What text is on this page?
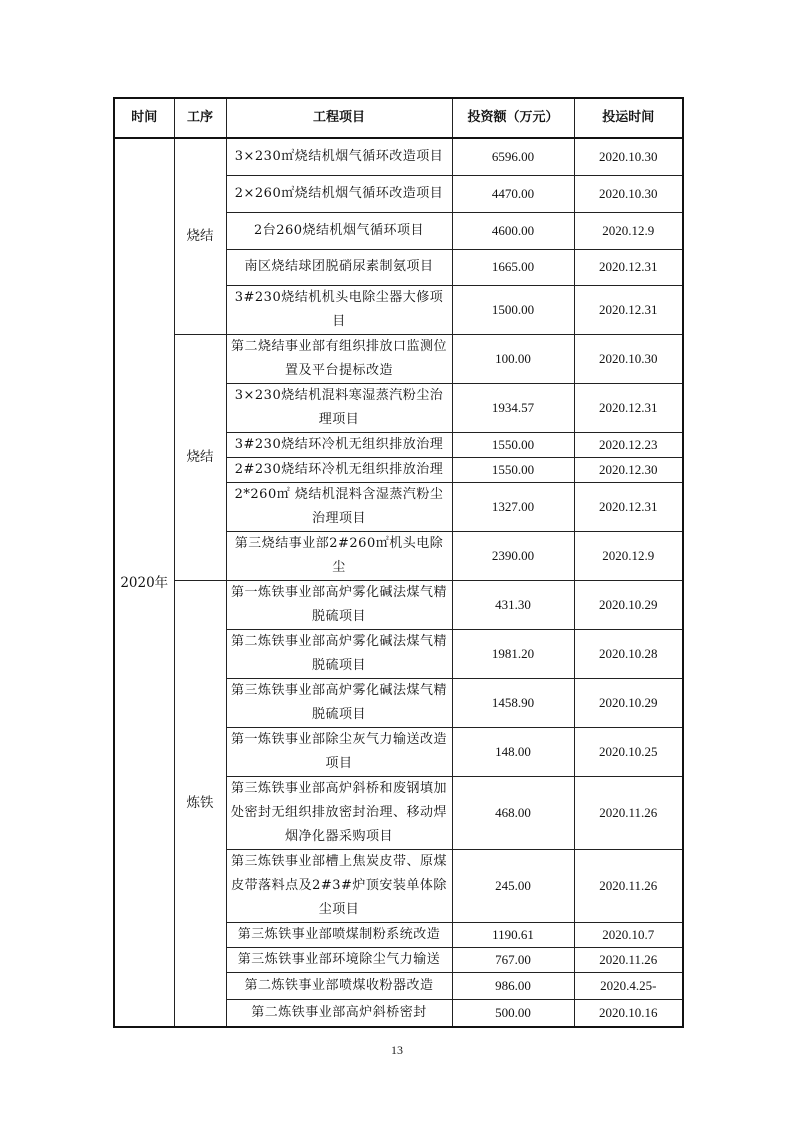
时间	工序	工程项目	投资额（万元）	投运时间
2020年	烧结	3×230㎡烧结机烟气循环改造项目	6596.00	2020.10.30
		2×260㎡烧结机烟气循环改造项目	4470.00	2020.10.30
		2台260烧结机烟气循环项目	4600.00	2020.12.9
		南区烧结球团脱硝尿素制氨项目	1665.00	2020.12.31
		3#230烧结机机头电除尘器大修项目	1500.00	2020.12.31
	烧结	第二烧结事业部有组织排放口监测位置及平台提标改造	100.00	2020.10.30
		3×230烧结机混料寒湿蒸汽粉尘治理项目	1934.57	2020.12.31
		3#230烧结环冷机无组织排放治理	1550.00	2020.12.23
		2#230烧结环冷机无组织排放治理	1550.00	2020.12.30
		2*260㎡ 烧结机混料含湿蒸汽粉尘治理项目	1327.00	2020.12.31
		第三烧结事业部2#260㎡机头电除尘	2390.00	2020.12.9
	炼铁	第一炼铁事业部高炉雾化碱法煤气精脱硫项目	431.30	2020.10.29
		第二炼铁事业部高炉雾化碱法煤气精脱硫项目	1981.20	2020.10.28
		第三炼铁事业部高炉雾化碱法煤气精脱硫项目	1458.90	2020.10.29
		第一炼铁事业部除尘灰气力输送改造项目	148.00	2020.10.25
		第三炼铁事业部高炉斜桥和废钢填加处密封无组织排放密封治理、移动焊烟净化器采购项目	468.00	2020.11.26
		第三炼铁事业部槽上焦炭皮带、原煤皮带落料点及2#3#炉顶安装单体除尘项目	245.00	2020.11.26
		第三炼铁事业部喷煤制粉系统改造	1190.61	2020.10.7
		第三炼铁事业部环境除尘气力输送	767.00	2020.11.26
		第二炼铁事业部喷煤收粉器改造	986.00	2020.4.25-
		第二炼铁事业部高炉斜桥密封	500.00	2020.10.16
13
